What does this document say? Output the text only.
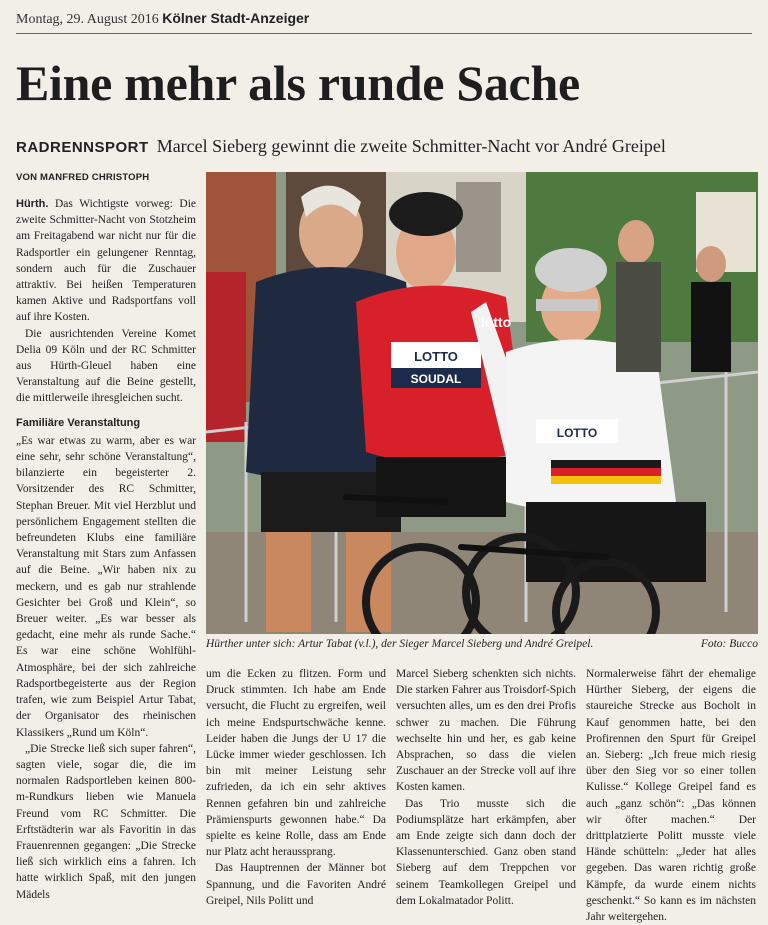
Montag, 29. August 2016 Kölner Stadt-Anzeiger
Eine mehr als runde Sache
RADRENNSPORT Marcel Sieberg gewinnt die zweite Schmitter-Nacht vor André Greipel
VON MANFRED CHRISTOPH

Hürth. Das Wichtigste vorweg: Die zweite Schmitter-Nacht von Stotzheim am Freitagabend war nicht nur für die Radsportler ein gelungener Renntag, sondern auch für die Zuschauer attraktiv. Bei heißen Temperaturen kamen Aktive und Radsportfans voll auf ihre Kosten.

Die ausrichtenden Vereine Komet Delia 09 Köln und der RC Schmitter aus Hürth-Gleuel haben eine Veranstaltung auf die Beine gestellt, die mittlerweile ihresgleichen sucht.

Familiäre Veranstaltung

„Es war etwas zu warm, aber es war eine sehr, sehr schöne Veranstaltung“, bilanzierte ein begeisterter 2. Vorsitzender des RC Schmitter, Stephan Breuer. Mit viel Herzblut und persönlichem Engagement stellten die befreundeten Klubs eine familiäre Veranstaltung mit Stars zum Anfassen auf die Beine. „Wir haben nix zu meckern, und es gab nur strahlende Gesichter bei Groß und Klein“, so Breuer weiter. „Es war besser als gedacht, eine mehr als runde Sache.“ Es war eine schöne Wohlfühl-Atmosphäre, bei der sich zahlreiche Radsportbegeisterte aus der Region trafen, wie zum Beispiel Artur Tabat, der Organisator des rheinischen Klassikers „Rund um Köln“.

„Die Strecke ließ sich super fahren“, sagten viele, sogar die, die im normalen Radsportleben keinen 800-m-Rundkurs lieben wie Manuela Freund vom RC Schmitter. Die Erftstädterin war als Favoritin in das Frauenrennen gegangen: „Die Strecke ließ sich wirklich eins a fahren. Ich hatte wirklich Spaß, mit den jungen Mädels

LOTTO
SOUDAL
LOTTO
lotto
Hürther unter sich: Artur Tabat (v.l.), der Sieger Marcel Sieberg und André Greipel.	Foto: Bucco

um die Ecken zu flitzen. Form und Druck stimmten. Ich habe am Ende versucht, die Flucht zu ergreifen, weil ich meine Endspurtschwäche kenne. Leider haben die Jungs der U 17 die Lücke immer wieder geschlossen. Ich bin mit meiner Leistung sehr zufrieden, da ich ein sehr aktives Rennen gefahren bin und zahlreiche Prämienspurts gewonnen habe.“ Da spielte es keine Rolle, dass am Ende nur Platz acht heraussprang.

Das Hauptrennen der Männer bot Spannung, und die Favoriten André Greipel, Nils Politt und

Marcel Sieberg schenkten sich nichts. Die starken Fahrer aus Troisdorf-Spich versuchten alles, um es den drei Profis schwer zu machen. Die Führung wechselte hin und her, es gab keine Absprachen, so dass die vielen Zuschauer an der Strecke voll auf ihre Kosten kamen.

Das Trio musste sich die Podiumsplätze hart erkämpfen, aber am Ende zeigte sich dann doch der Klassenunterschied. Ganz oben stand Sieberg auf dem Treppchen vor seinem Teamkollegen Greipel und dem Lokalmatador Politt.

Normalerweise fährt der ehemalige Hürther Sieberg, der eigens die staureiche Strecke aus Bocholt in Kauf genommen hatte, bei den Profirennen den Spurt für Greipel an. Sieberg: „Ich freue mich riesig über den Sieg vor so einer tollen Kulisse.“ Kollege Greipel fand es auch „ganz schön“: „Das können wir öfter machen.“ Der drittplatzierte Politt musste viele Hände schütteln: „Jeder hat alles gegeben. Das waren richtig große Kämpfe, da wurde einem nichts geschenkt.“ So kann es im nächsten Jahr weitergehen.
